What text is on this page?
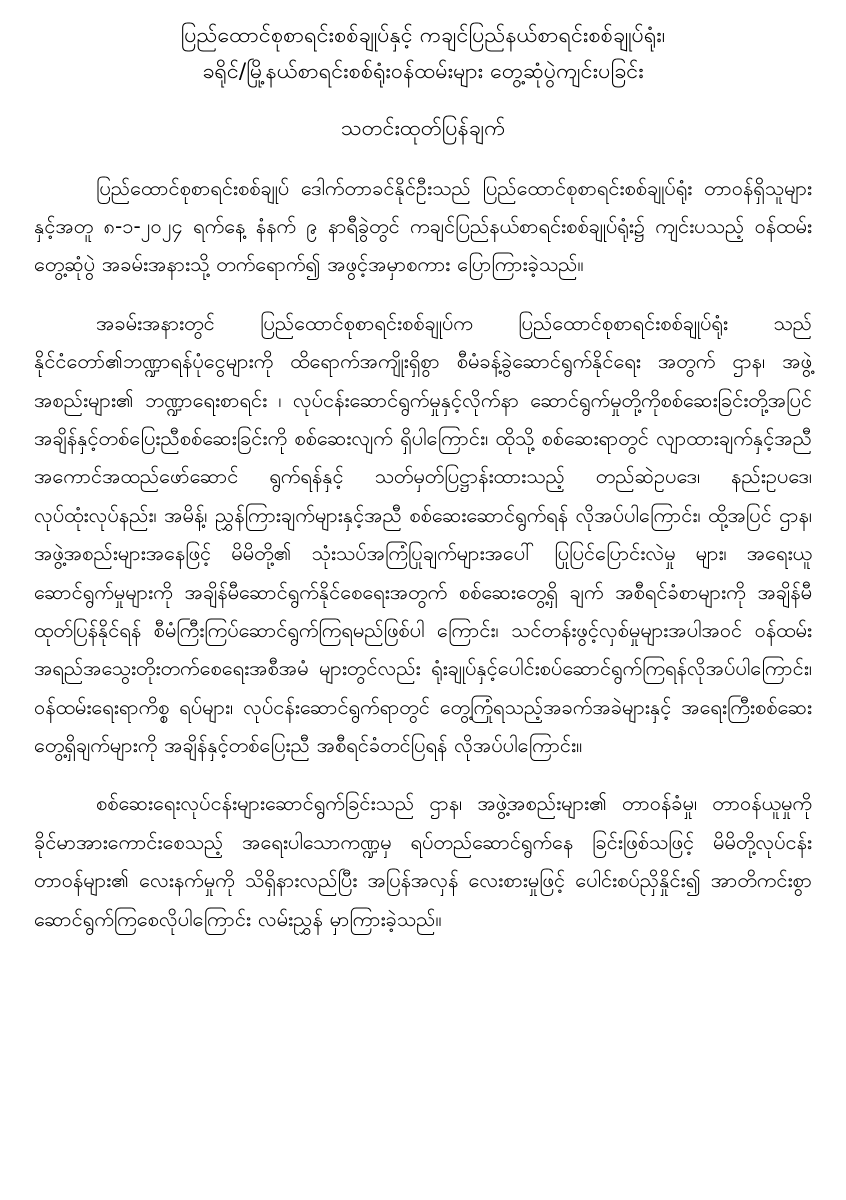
ပြည်ထောင်စုစာရင်းစစ်ချုပ်နှင့် ကချင်ပြည်နယ်စာရင်းစစ်ချုပ်ရုံး၊
ခရိုင်/မြို့နယ်စာရင်းစစ်ရုံး၀န်ထမ်းများ တွေ့ဆုံပွဲကျင်းပခြင်း
သတင်းထုတ်ပြန်ချက်

ပြည်ထောင်စုစာရင်းစစ်ချုပ် ဒေါက်တာခင်နိုင်ဦးသည် ပြည်ထောင်စုစာရင်းစစ်ချုပ်ရုံး တာဝန်ရှိသူများနှင့်အတူ ၈-၁-၂၀၂၄ ရက်နေ့ နံနက် ၉ နာရီခွဲတွင် ကချင်ပြည်နယ်စာရင်းစစ်ချုပ်ရုံး၌ ကျင်းပသည့် ဝန်ထမ်းတွေ့ဆုံပွဲ အခမ်းအနားသို့ တက်ရောက်၍ အဖွင့်အမှာစကား ပြောကြားခဲ့သည်။

အခမ်းအနားတွင် ပြည်ထောင်စုစာရင်းစစ်ချုပ်က ပြည်ထောင်စုစာရင်းစစ်ချုပ်ရုံး သည် နိုင်ငံတော်၏ဘဏ္ဍာရန်ပုံငွေများကို ထိရောက်အကျိုးရှိစွာ စီမံခန့်ခွဲဆောင်ရွက်နိုင်ရေး အတွက် ဌာန၊ အဖွဲ့အစည်းများ၏ ဘဏ္ဍာရေးစာရင်း ၊ လုပ်ငန်းဆောင်ရွက်မှုနှင့်လိုက်နာ ဆောင်ရွက်မှုတို့ကိုစစ်ဆေးခြင်းတို့အပြင် အချိန်နှင့်တစ်ပြေးညီစစ်ဆေးခြင်းကို စစ်ဆေးလျက် ရှိပါကြောင်း၊ ထိုသို့ စစ်ဆေးရာတွင် လျာထားချက်နှင့်အညီ အကောင်အထည်ဖော်ဆောင် ရွက်ရန်နှင့် သတ်မှတ်ပြဋ္ဌာန်းထားသည့် တည်ဆဲဥပဒေ၊ နည်းဥပဒေ၊ လုပ်ထုံးလုပ်နည်း၊ အမိန့်၊ ညွှန်ကြားချက်များနှင့်အညီ စစ်ဆေးဆောင်ရွက်ရန် လိုအပ်ပါကြောင်း၊ ထို့အပြင် ဌာန၊ အဖွဲ့အစည်းများအနေဖြင့် မိမိတို့၏ သုံးသပ်အကြံပြုချက်များအပေါ် ပြုပြင်ပြောင်းလဲမှု များ၊ အရေးယူဆောင်ရွက်မှုများကို အချိန်မီဆောင်ရွက်နိုင်စေရေးအတွက် စစ်ဆေးတွေ့ရှိ ချက် အစီရင်ခံစာများကို အချိန်မီထုတ်ပြန်နိုင်ရန် စီမံကြီးကြပ်ဆောင်ရွက်ကြရမည်ဖြစ်ပါ ကြောင်း၊ သင်တန်းဖွင့်လှစ်မှုများအပါအဝင် ဝန်ထမ်းအရည်အသွေးတိုးတက်စေရေးအစီအမံ များတွင်လည်း ရုံးချုပ်နှင့်ပေါင်းစပ်ဆောင်ရွက်ကြရန်လိုအပ်ပါကြောင်း၊ ဝန်ထမ်းရေးရာကိစ္စ ရပ်များ၊ လုပ်ငန်းဆောင်ရွက်ရာတွင် တွေ့ကြုံရသည့်အခက်အခဲများနှင့် အရေးကြီးစစ်ဆေး တွေ့ရှိချက်များကို အချိန်နှင့်တစ်ပြေးညီ အစီရင်ခံတင်ပြရန် လိုအပ်ပါကြောင်း။

စစ်ဆေးရေးလုပ်ငန်းများဆောင်ရွက်ခြင်းသည် ဌာန၊ အဖွဲ့အစည်းများ၏ တာဝန်ခံမှု၊ တာဝန်ယူမှုကို ခိုင်မာအားကောင်းစေသည့် အရေးပါသောကဏ္ဍမှ ရပ်တည်ဆောင်ရွက်နေ ခြင်းဖြစ်သဖြင့် မိမိတို့လုပ်ငန်းတာဝန်များ၏ လေးနက်မှုကို သိရှိနားလည်ပြီး အပြန်အလှန် လေးစားမှုဖြင့် ပေါင်းစပ်ညှိနှိုင်း၍ အာတိကင်းစွာ ဆောင်ရွက်ကြစေလိုပါကြောင်း လမ်းညွှန် မှာကြားခဲ့သည်။
